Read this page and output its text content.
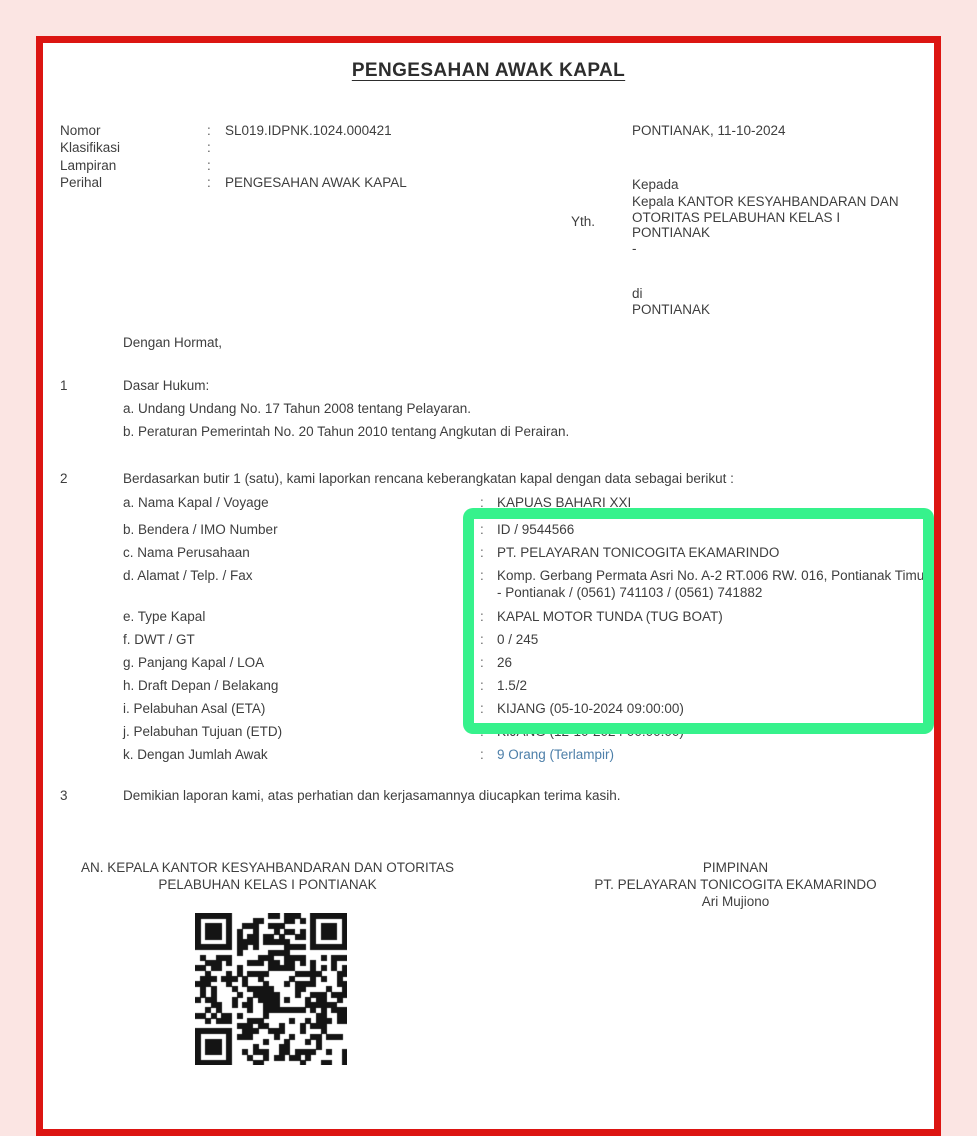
PENGESAHAN AWAK KAPAL
Nomor	:	SL019.IDPNK.1024.000421
Klasifikasi	:
Lampiran	:
Perihal	:	PENGESAHAN AWAK KAPAL
PONTIANAK, 11-10-2024
Kepada
Yth.
Kepala KANTOR KESYAHBANDARAN DAN
OTORITAS PELABUHAN KELAS I
PONTIANAK
-
di
PONTIANAK
Dengan Hormat,
1	Dasar Hukum:
a. Undang Undang No. 17 Tahun 2008 tentang Pelayaran.
b. Peraturan Pemerintah No. 20 Tahun 2010 tentang Angkutan di Perairan.
2	Berdasarkan butir 1 (satu), kami laporkan rencana keberangkatan kapal dengan data sebagai berikut :
a. Nama Kapal / Voyage	: KAPUAS BAHARI XXI
b. Bendera / IMO Number	: ID / 9544566
c. Nama Perusahaan	: PT. PELAYARAN TONICOGITA EKAMARINDO
d. Alamat / Telp. / Fax	: Komp. Gerbang Permata Asri No. A-2 RT.006 RW. 016, Pontianak Timur - Pontianak / (0561) 741103 / (0561) 741882
e. Type Kapal	: KAPAL MOTOR TUNDA (TUG BOAT)
f. DWT / GT	: 0 / 245
g. Panjang Kapal / LOA	: 26
h. Draft Depan / Belakang	: 1.5/2
i. Pelabuhan Asal (ETA)	: KIJANG (05-10-2024 09:00:00)
j. Pelabuhan Tujuan (ETD)	: KIJANG (12-10-2024 00:00:00)
k. Dengan Jumlah Awak	: 9 Orang (Terlampir)
3	Demikian laporan kami, atas perhatian dan kerjasamannya diucapkan terima kasih.
AN. KEPALA KANTOR KESYAHBANDARAN DAN OTORITAS
PELABUHAN KELAS I PONTIANAK
PIMPINAN
PT. PELAYARAN TONICOGITA EKAMARINDO
Ari Mujiono
